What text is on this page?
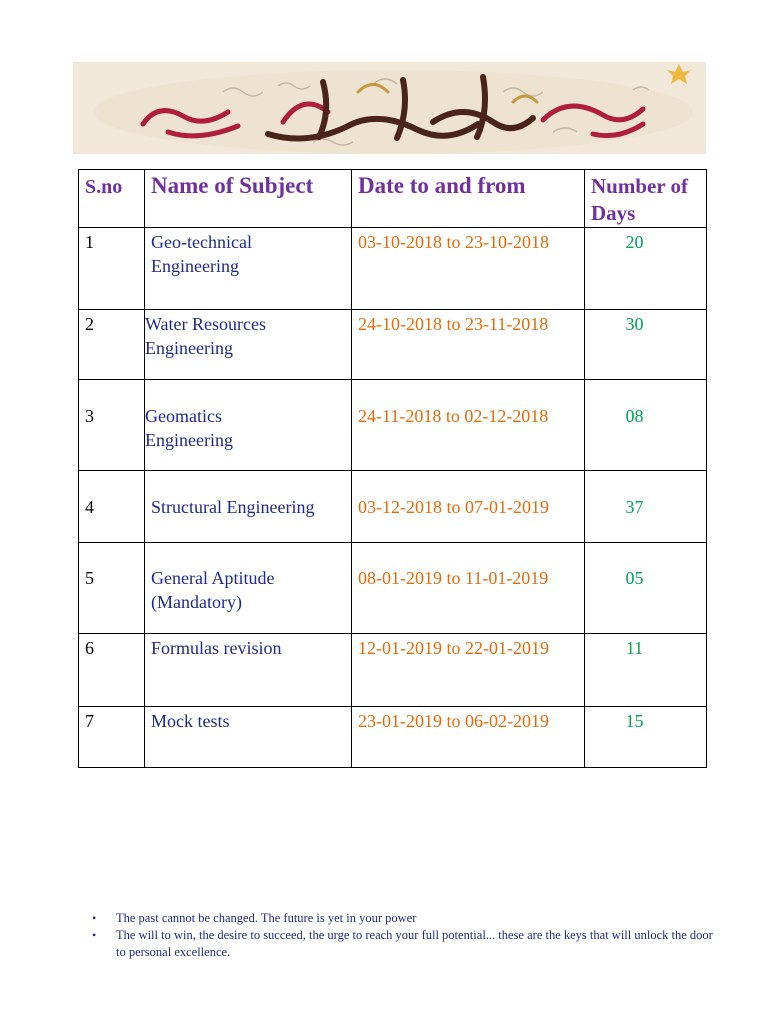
S.no	Name of Subject	Date to and from	Number of
Days

1	Geo-technical
Engineering	03-10-2018 to 23-10-2018	20

2	Water Resources
Engineering	24-10-2018 to 23-11-2018	30

3	Geomatics
Engineering	24-11-2018 to 02-12-2018	08

4	Structural Engineering	03-12-2018 to 07-01-2019	37

5	General Aptitude
(Mandatory)	08-01-2019 to 11-01-2019	05

6	Formulas revision	12-01-2019 to 22-01-2019	11

7	Mock tests	23-01-2019 to 06-02-2019	15
• The past cannot be changed. The future is yet in your power
• The will to win, the desire to succeed, the urge to reach your full potential... these are the keys that will unlock the door to personal excellence.
